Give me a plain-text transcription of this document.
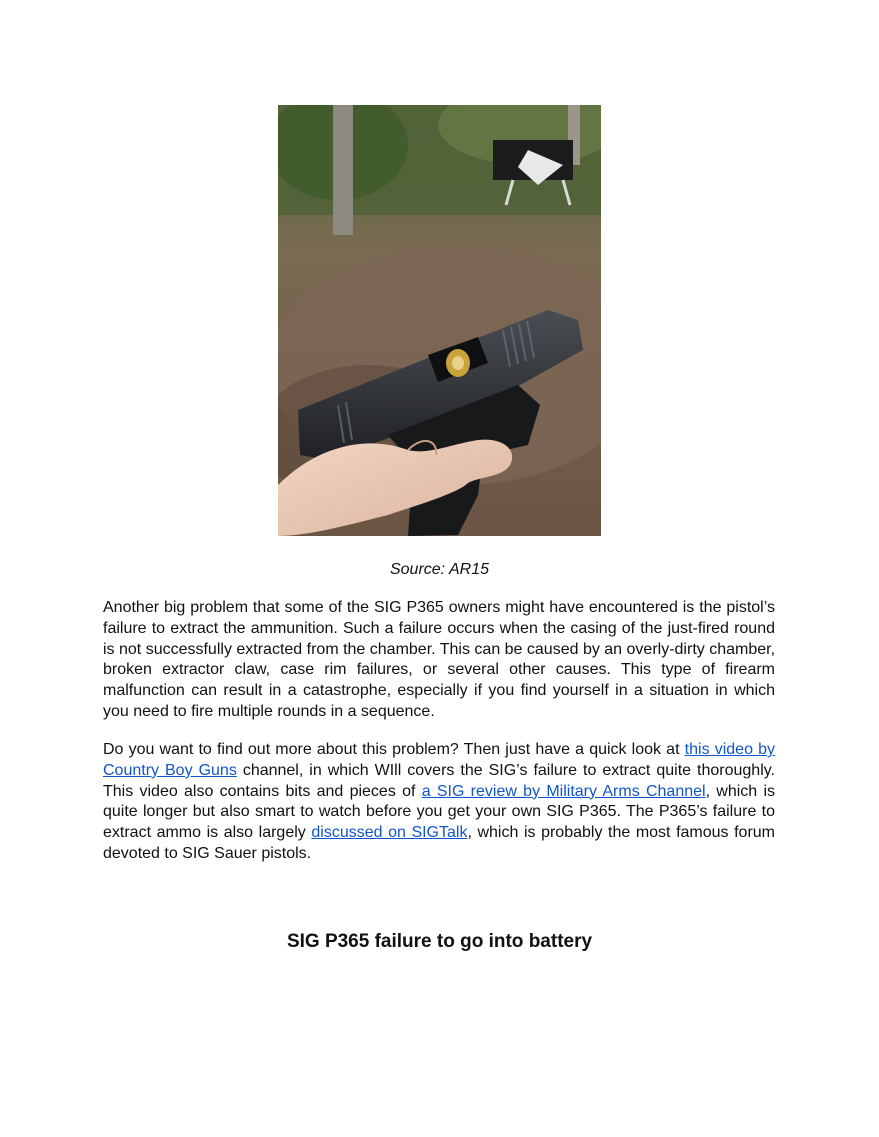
Source: AR15

Another big problem that some of the SIG P365 owners might have encountered is the pistol’s failure to extract the ammunition. Such a failure occurs when the casing of the just-fired round is not successfully extracted from the chamber. This can be caused by an overly-dirty chamber, broken extractor claw, case rim failures, or several other causes. This type of firearm malfunction can result in a catastrophe, especially if you find yourself in a situation in which you need to fire multiple rounds in a sequence.

Do you want to find out more about this problem? Then just have a quick look at this video by Country Boy Guns channel, in which WIll covers the SIG’s failure to extract quite thoroughly. This video also contains bits and pieces of a SIG review by Military Arms Channel, which is quite longer but also smart to watch before you get your own SIG P365. The P365’s failure to extract ammo is also largely discussed on SIGTalk, which is probably the most famous forum devoted to SIG Sauer pistols.

SIG P365 failure to go into battery
